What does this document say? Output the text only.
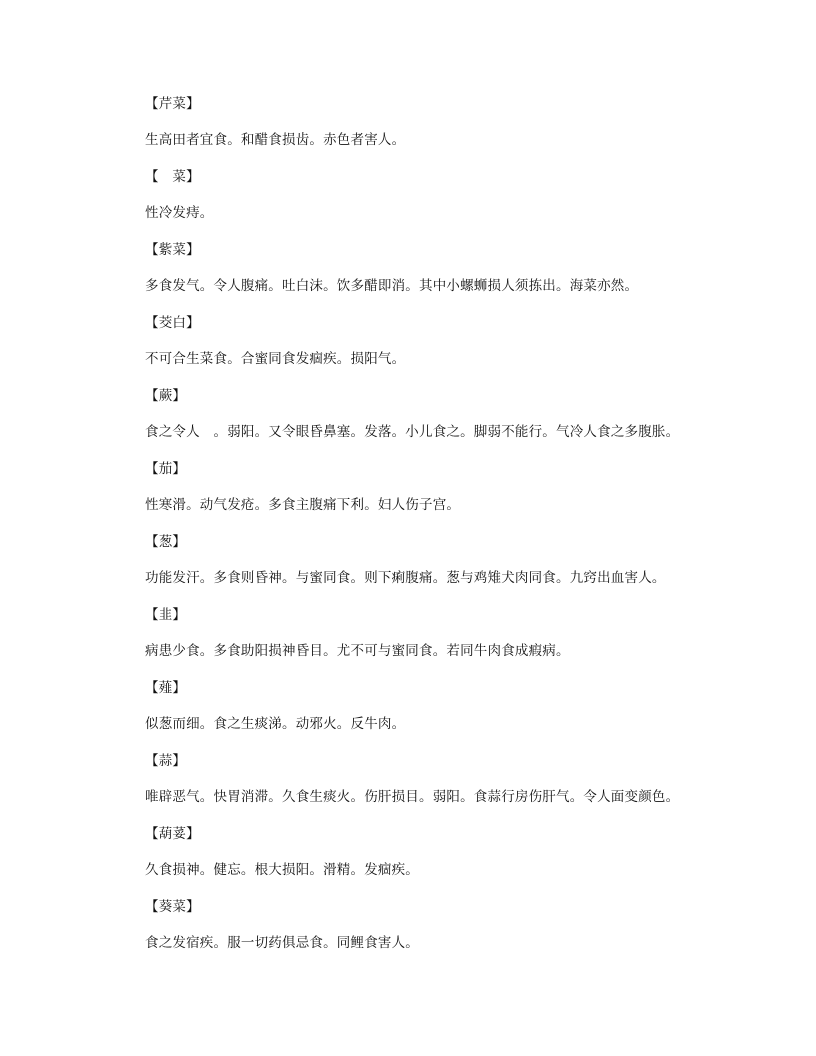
【芹菜】
生高田者宜食。和醋食损齿。赤色者害人。
【　菜】
性冷发痔。
【紫菜】
多食发气。令人腹痛。吐白沫。饮多醋即消。其中小螺蛳损人须拣出。海菜亦然。
【茭白】
不可合生菜食。合蜜同食发痼疾。损阳气。
【蕨】
食之令人　。弱阳。又令眼昏鼻塞。发落。小儿食之。脚弱不能行。气冷人食之多腹胀。
【茄】
性寒滑。动气发疮。多食主腹痛下利。妇人伤子宫。
【葱】
功能发汗。多食则昏神。与蜜同食。则下痢腹痛。葱与鸡雉犬肉同食。九窍出血害人。
【韭】
病患少食。多食助阳损神昏目。尤不可与蜜同食。若同牛肉食成瘕病。
【薤】
似葱而细。食之生痰涕。动邪火。反牛肉。
【蒜】
唯辟恶气。快胃消滞。久食生痰火。伤肝损目。弱阳。食蒜行房伤肝气。令人面变颜色。
【葫荽】
久食损神。健忘。根大损阳。滑精。发痼疾。
【葵菜】
食之发宿疾。服一切药俱忌食。同鲤食害人。
